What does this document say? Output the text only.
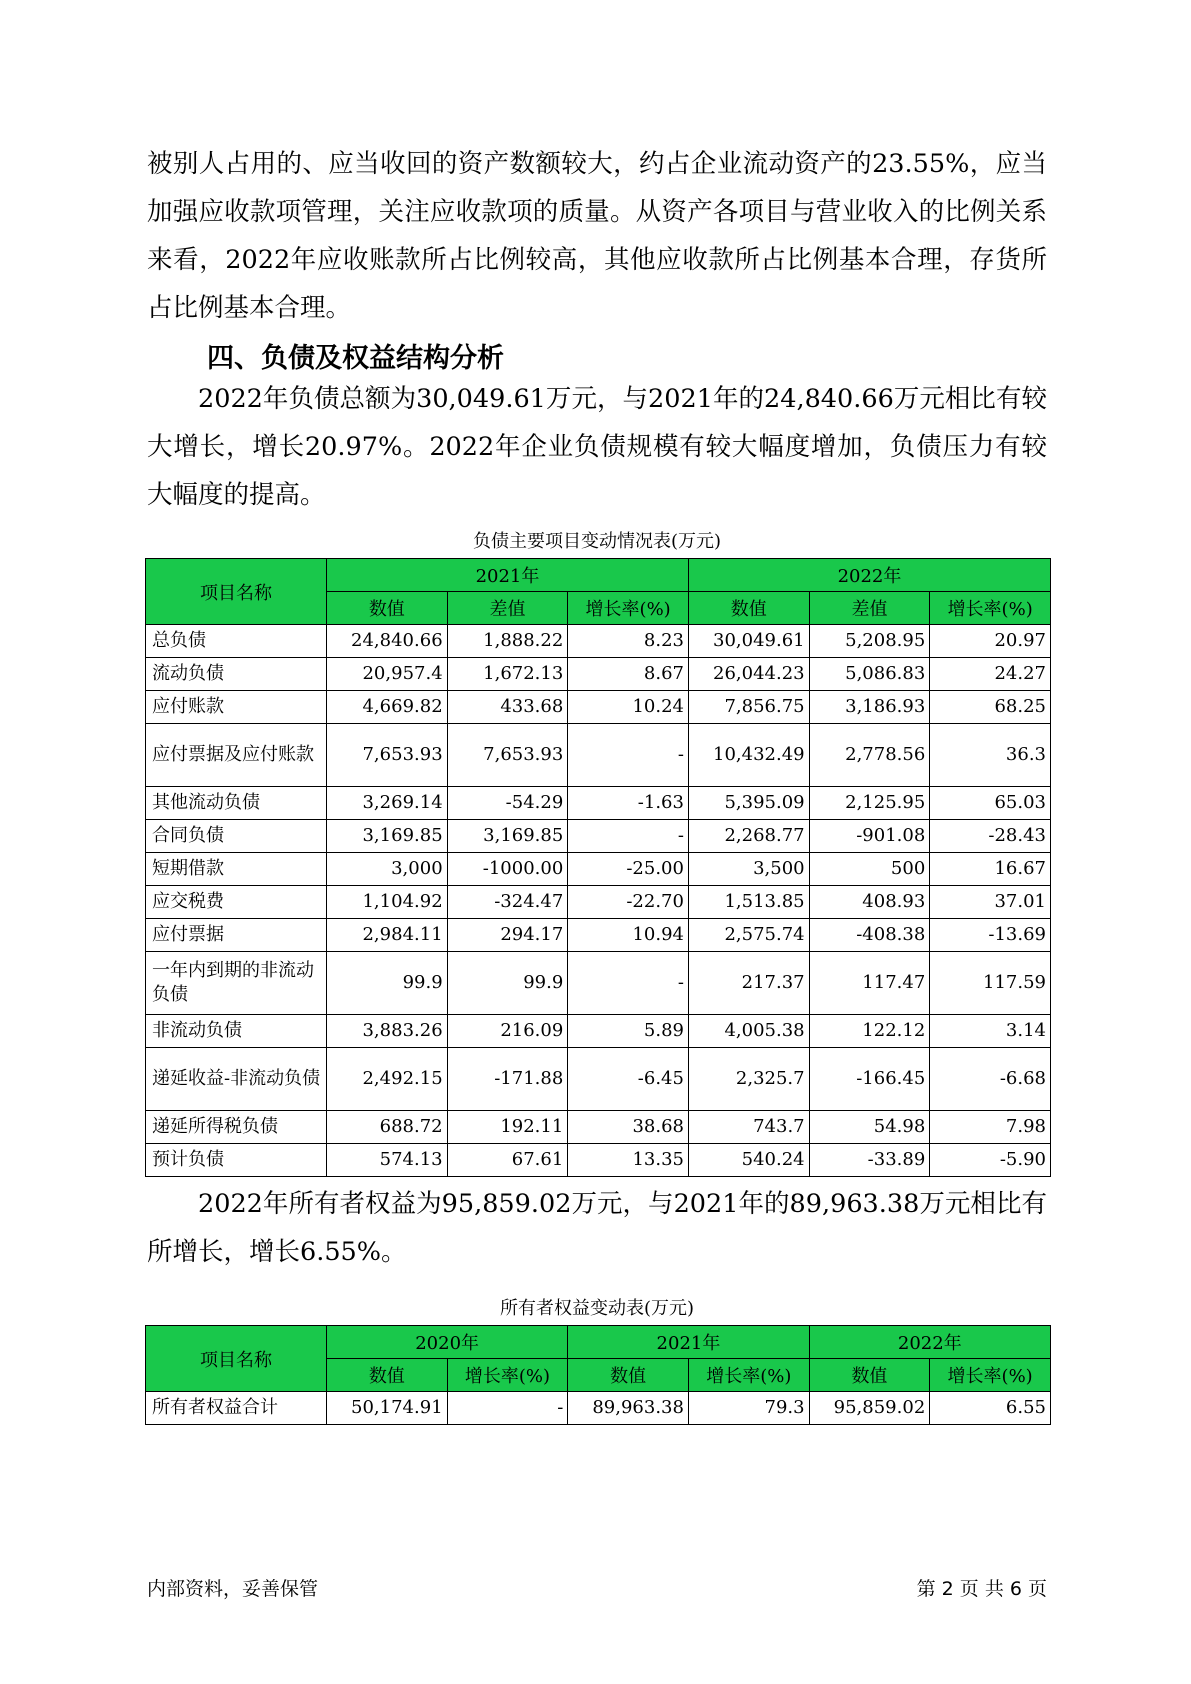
被别人占用的、应当收回的资产数额较大，约占企业流动资产的23.55%，应当加强应收款项管理，关注应收款项的质量。从资产各项目与营业收入的比例关系来看，2022年应收账款所占比例较高，其他应收款所占比例基本合理，存货所占比例基本合理。

四、负债及权益结构分析

2022年负债总额为30,049.61万元，与2021年的24,840.66万元相比有较大增长，增长20.97%。2022年企业负债规模有较大幅度增加，负债压力有较大幅度的提高。

负债主要项目变动情况表(万元)
项目名称	2021年			2022年		
	数值	差值	增长率(%)	数值	差值	增长率(%)
总负债	24,840.66	1,888.22	8.23	30,049.61	5,208.95	20.97
流动负债	20,957.4	1,672.13	8.67	26,044.23	5,086.83	24.27
应付账款	4,669.82	433.68	10.24	7,856.75	3,186.93	68.25
应付票据及应付账款	7,653.93	7,653.93	-	10,432.49	2,778.56	36.3
其他流动负债	3,269.14	-54.29	-1.63	5,395.09	2,125.95	65.03
合同负债	3,169.85	3,169.85	-	2,268.77	-901.08	-28.43
短期借款	3,000	-1000.00	-25.00	3,500	500	16.67
应交税费	1,104.92	-324.47	-22.70	1,513.85	408.93	37.01
应付票据	2,984.11	294.17	10.94	2,575.74	-408.38	-13.69
一年内到期的非流动负债	99.9	99.9	-	217.37	117.47	117.59
非流动负债	3,883.26	216.09	5.89	4,005.38	122.12	3.14
递延收益-非流动负债	2,492.15	-171.88	-6.45	2,325.7	-166.45	-6.68
递延所得税负债	688.72	192.11	38.68	743.7	54.98	7.98
预计负债	574.13	67.61	13.35	540.24	-33.89	-5.90

2022年所有者权益为95,859.02万元，与2021年的89,963.38万元相比有所增长，增长6.55%。

所有者权益变动表(万元)
项目名称	2020年		2021年		2022年	
	数值	增长率(%)	数值	增长率(%)	数值	增长率(%)
所有者权益合计	50,174.91	-	89,963.38	79.3	95,859.02	6.55
内部资料，妥善保管	第 2 页 共 6 页
